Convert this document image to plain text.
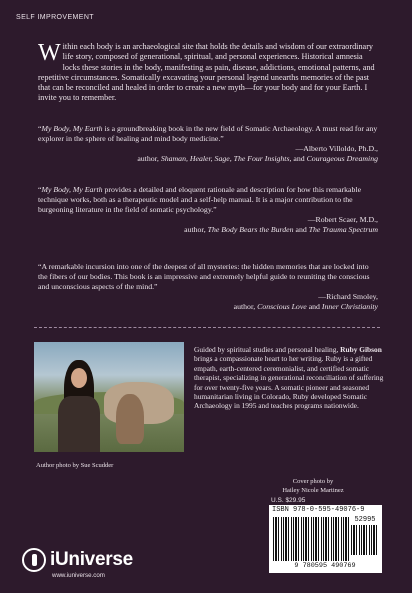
SELF IMPROVEMENT

Within each body is an archaeological site that holds the details and wisdom of our extraordinary life story, composed of generational, spiritual, and personal experiences. Historical amnesia locks these stories in the body, manifesting as pain, disease, addictions, emotional patterns, and repetitive circumstances. Somatically excavating your personal legend unearths memories of the past that can be reconciled and healed in order to create a new myth—for your body and for your Earth. I invite you to remember.

“My Body, My Earth is a groundbreaking book in the new field of Somatic Archaeology. A must read for any explorer in the sphere of healing and mind body medicine.”
—Alberto Villoldo, Ph.D.,
author, Shaman, Healer, Sage, The Four Insights, and Courageous Dreaming
“My Body, My Earth provides a detailed and eloquent rationale and description for how this remarkable technique works, both as a therapeutic model and a self-help manual. It is a major contribution to the burgeoning literature in the field of somatic psychology.”
—Robert Scaer, M.D.,
author, The Body Bears the Burden and The Trauma Spectrum
“A remarkable incursion into one of the deepest of all mysteries: the hidden memories that are locked into the fibers of our bodies. This book is an impressive and extremely helpful guide to reuniting the conscious and unconscious aspects of the mind.”
—Richard Smoley,
author, Conscious Love and Inner Christianity
Author photo by Sue Scudder

Guided by spiritual studies and personal healing, Ruby Gibson brings a compassionate heart to her writing. Ruby is a gifted empath, earth-centered ceremonialist, and certified somatic therapist, specializing in generational reconciliation of suffering for over twenty-five years. A somatic pioneer and seasoned humanitarian living in Colorado, Ruby developed Somatic Archaeology in 1995 and teaches programs nationwide.

Cover photo by
Hailey Nicole Martinez
U.S. $29.95
ISBN 978-0-595-49076-9
52995
9 780595 490769
iUniverse
www.iuniverse.com
